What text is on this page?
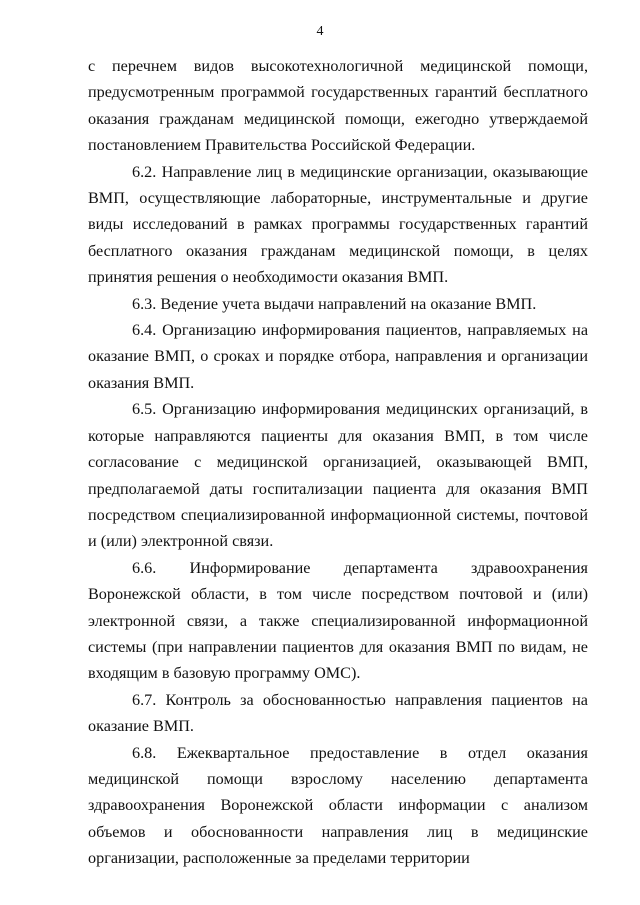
4

с перечнем видов высокотехнологичной медицинской помощи, предусмотренным программой государственных гарантий бесплатного оказания гражданам медицинской помощи, ежегодно утверждаемой постановлением Правительства Российской Федерации.

6.2. Направление лиц в медицинские организации, оказывающие ВМП, осуществляющие лабораторные, инструментальные и другие виды исследований в рамках программы государственных гарантий бесплатного оказания гражданам медицинской помощи, в целях принятия решения о необходимости оказания ВМП.

6.3. Ведение учета выдачи направлений на оказание ВМП.

6.4. Организацию информирования пациентов, направляемых на оказание ВМП, о сроках и порядке отбора, направления и организации оказания ВМП.

6.5. Организацию информирования медицинских организаций, в которые направляются пациенты для оказания ВМП, в том числе согласование с медицинской организацией, оказывающей ВМП, предполагаемой даты госпитализации пациента для оказания ВМП посредством специализированной информационной системы, почтовой и (или) электронной связи.

6.6. Информирование департамента здравоохранения Воронежской области, в том числе посредством почтовой и (или) электронной связи, а также специализированной информационной системы (при направлении пациентов для оказания ВМП по видам, не входящим в базовую программу ОМС).

6.7. Контроль за обоснованностью направления пациентов на оказание ВМП.

6.8. Ежеквартальное предоставление в отдел оказания медицинской помощи взрослому населению департамента здравоохранения Воронежской области информации с анализом объемов и обоснованности направления лиц в медицинские организации, расположенные за пределами территории
